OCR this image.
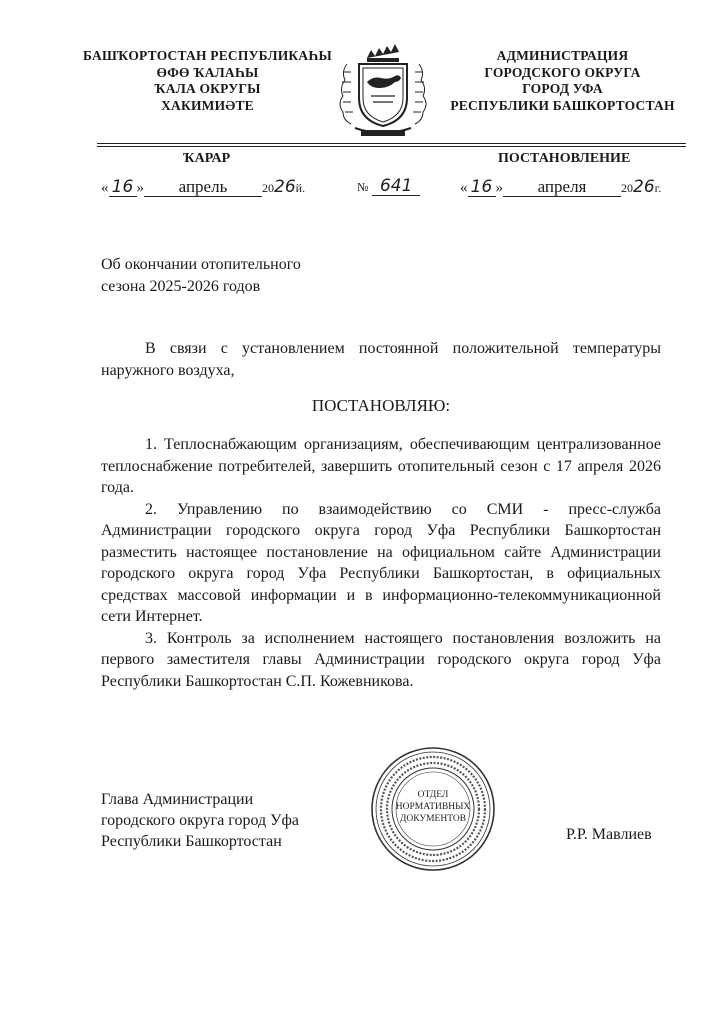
БАШҠОРТОСТАН РЕСПУБЛИКАҺЫ
ӨФӨ ҠАЛАҺЫ
ҠАЛА ОКРУГЫ
ХАКИМИӘТЕ
АДМИНИСТРАЦИЯ
ГОРОДСКОГО ОКРУГА
ГОРОД УФА
РЕСПУБЛИКИ БАШКОРТОСТАН
ҠАРАР	ПОСТАНОВЛЕНИЕ
« 16 » апрель	2026й.	№ 641	« 16 » апреля	2026г.
Об окончании отопительного
сезона 2025-2026 годов

В связи с установлением постоянной положительной температуры наружного воздуха,

ПОСТАНОВЛЯЮ:

1. Теплоснабжающим организациям, обеспечивающим централизованное теплоснабжение потребителей, завершить отопительный сезон с 17 апреля 2026 года.

2. Управлению по взаимодействию со СМИ - пресс-служба Администрации городского округа город Уфа Республики Башкортостан разместить настоящее постановление на официальном сайте Администрации городского округа город Уфа Республики Башкортостан, в официальных средствах массовой информации и в информационно-телекоммуникационной сети Интернет.

3. Контроль за исполнением настоящего постановления возложить на первого заместителя главы Администрации городского округа город Уфа Республики Башкортостан С.П. Кожевникова.

Глава Администрации
городского округа город Уфа
Республики Башкортостан	Р.Р. Мавлиев
ОТДЕЛ
НОРМАТИВНЫХ
ДОКУМЕНТОВ
